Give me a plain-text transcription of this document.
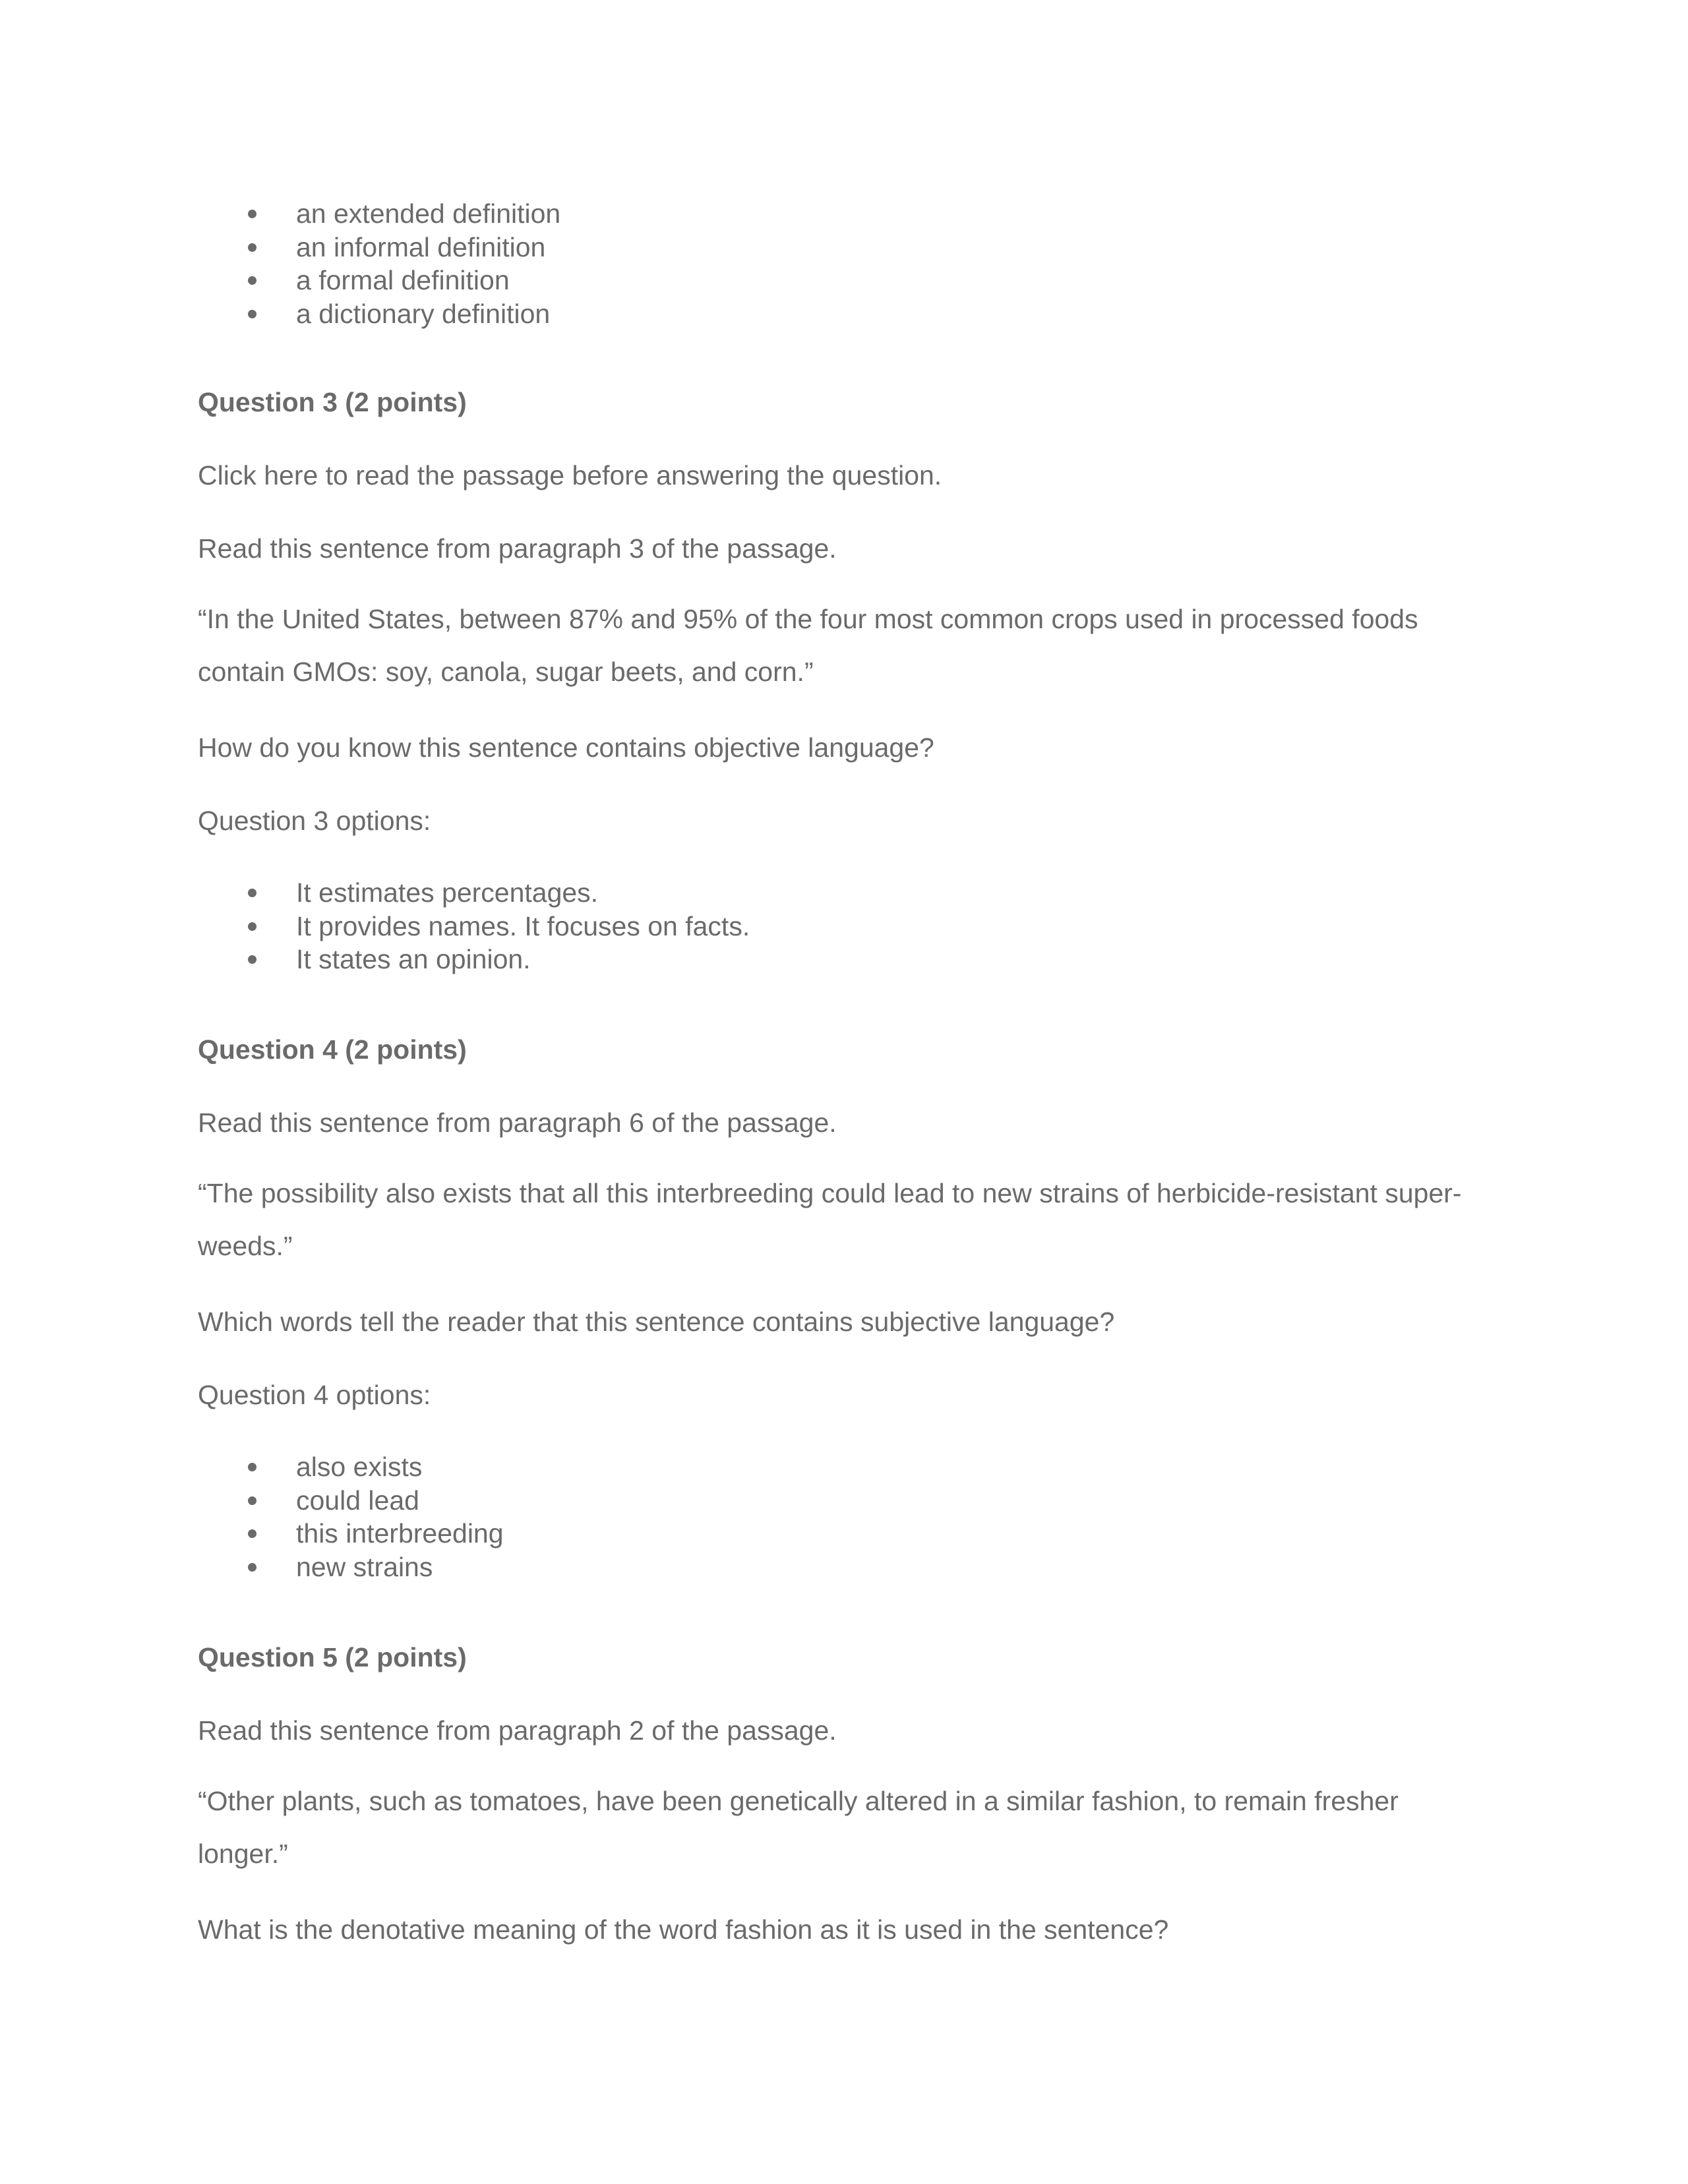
an extended definition
an informal definition
a formal definition
a dictionary definition

Question 3 (2 points)

Click here to read the passage before answering the question.

Read this sentence from paragraph 3 of the passage.

“In the United States, between 87% and 95% of the four most common crops used in processed foods contain GMOs: soy, canola, sugar beets, and corn.”

How do you know this sentence contains objective language?

Question 3 options:

It estimates percentages.
It provides names. It focuses on facts.
It states an opinion.

Question 4 (2 points)

Read this sentence from paragraph 6 of the passage.

“The possibility also exists that all this interbreeding could lead to new strains of herbicide-resistant super-weeds.”

Which words tell the reader that this sentence contains subjective language?

Question 4 options:

also exists
could lead
this interbreeding
new strains

Question 5 (2 points)

Read this sentence from paragraph 2 of the passage.

“Other plants, such as tomatoes, have been genetically altered in a similar fashion, to remain fresher longer.”

What is the denotative meaning of the word fashion as it is used in the sentence?
